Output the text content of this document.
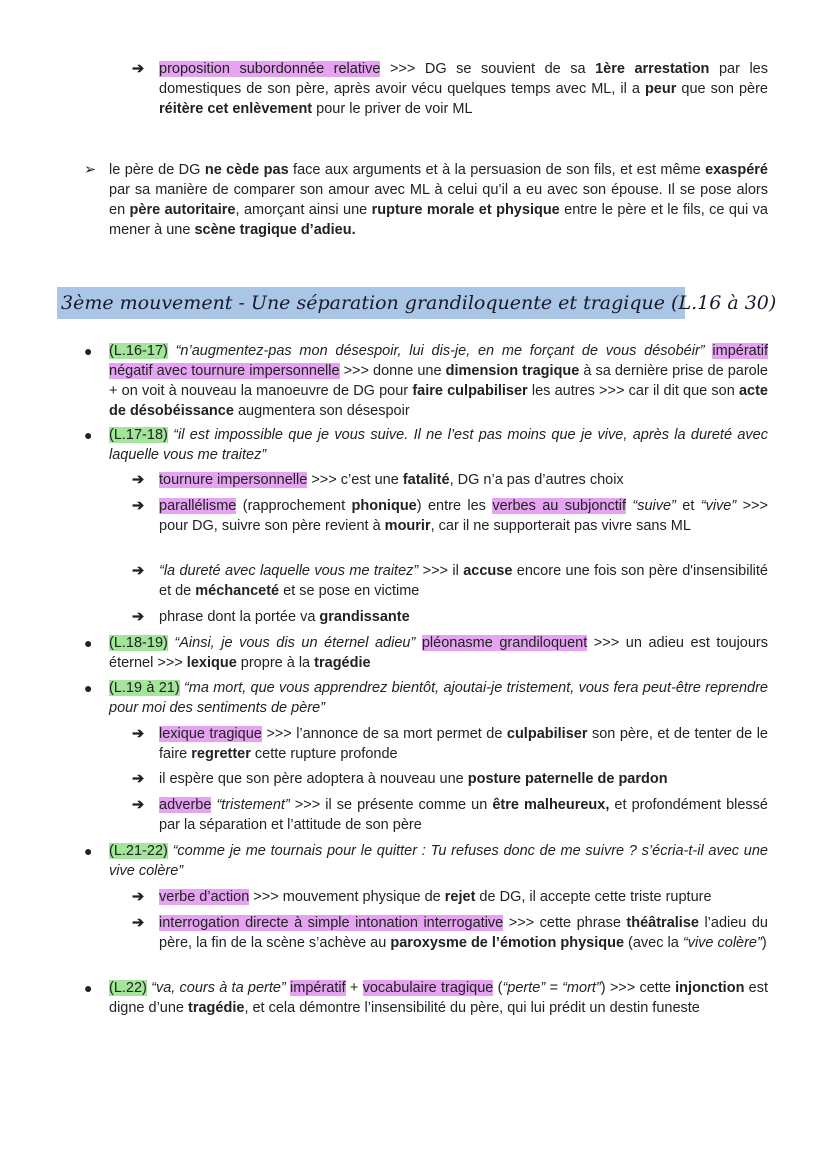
➔	proposition subordonnée relative >>> DG se souvient de sa 1ère arrestation par les domestiques de son père, après avoir vécu quelques temps avec ML, il a peur que son père réitère cet enlèvement pour le priver de voir ML
➢ le père de DG ne cède pas face aux arguments et à la persuasion de son fils, et est même exaspéré par sa manière de comparer son amour avec ML à celui qu’il a eu avec son épouse. Il se pose alors en père autoritaire, amorçant ainsi une rupture morale et physique entre le père et le fils, ce qui va mener à une scène tragique d’adieu.
3ème mouvement - Une séparation grandiloquente et tragique (L.16 à 30)
● (L.16-17) “n’augmentez-pas mon désespoir, lui dis-je, en me forçant de vous désobéir” impératif négatif avec tournure impersonnelle >>> donne une dimension tragique à sa dernière prise de parole + on voit à nouveau la manoeuvre de DG pour faire culpabiliser les autres >>> car il dit que son acte de désobéissance augmentera son désespoir
● (L.17-18) “il est impossible que je vous suive. Il ne l’est pas moins que je vive, après la dureté avec laquelle vous me traitez”
➔	tournure impersonnelle >>> c’est une fatalité, DG n’a pas d’autres choix
➔	parallélisme (rapprochement phonique) entre les verbes au subjonctif “suive” et “vive” >>> pour DG, suivre son père revient à mourir, car il ne supporterait pas vivre sans ML
➔	“la dureté avec laquelle vous me traitez” >>> il accuse encore une fois son père d'insensibilité et de méchanceté et se pose en victime
➔	phrase dont la portée va grandissante
● (L.18-19) “Ainsi, je vous dis un éternel adieu” pléonasme grandiloquent >>> un adieu est toujours éternel >>> lexique propre à la tragédie
● (L.19 à 21) “ma mort, que vous apprendrez bientôt, ajoutai-je tristement, vous fera peut-être reprendre pour moi des sentiments de père”
➔	lexique tragique >>> l’annonce de sa mort permet de culpabiliser son père, et de tenter de le faire regretter cette rupture profonde
➔	il espère que son père adoptera à nouveau une posture paternelle de pardon
➔	adverbe “tristement” >>> il se présente comme un être malheureux, et profondément blessé par la séparation et l’attitude de son père
● (L.21-22) “comme je me tournais pour le quitter : Tu refuses donc de me suivre ? s’écria-t-il avec une vive colère”
➔	verbe d’action >>> mouvement physique de rejet de DG, il accepte cette triste rupture
➔	interrogation directe à simple intonation interrogative >>> cette phrase théâtralise l’adieu du père, la fin de la scène s’achève au paroxysme de l’émotion physique (avec la “vive colère”)
● (L.22) “va, cours à ta perte” impératif + vocabulaire tragique (“perte” = “mort”) >>> cette injonction est digne d’une tragédie, et cela démontre l’insensibilité du père, qui lui prédit un destin funeste
